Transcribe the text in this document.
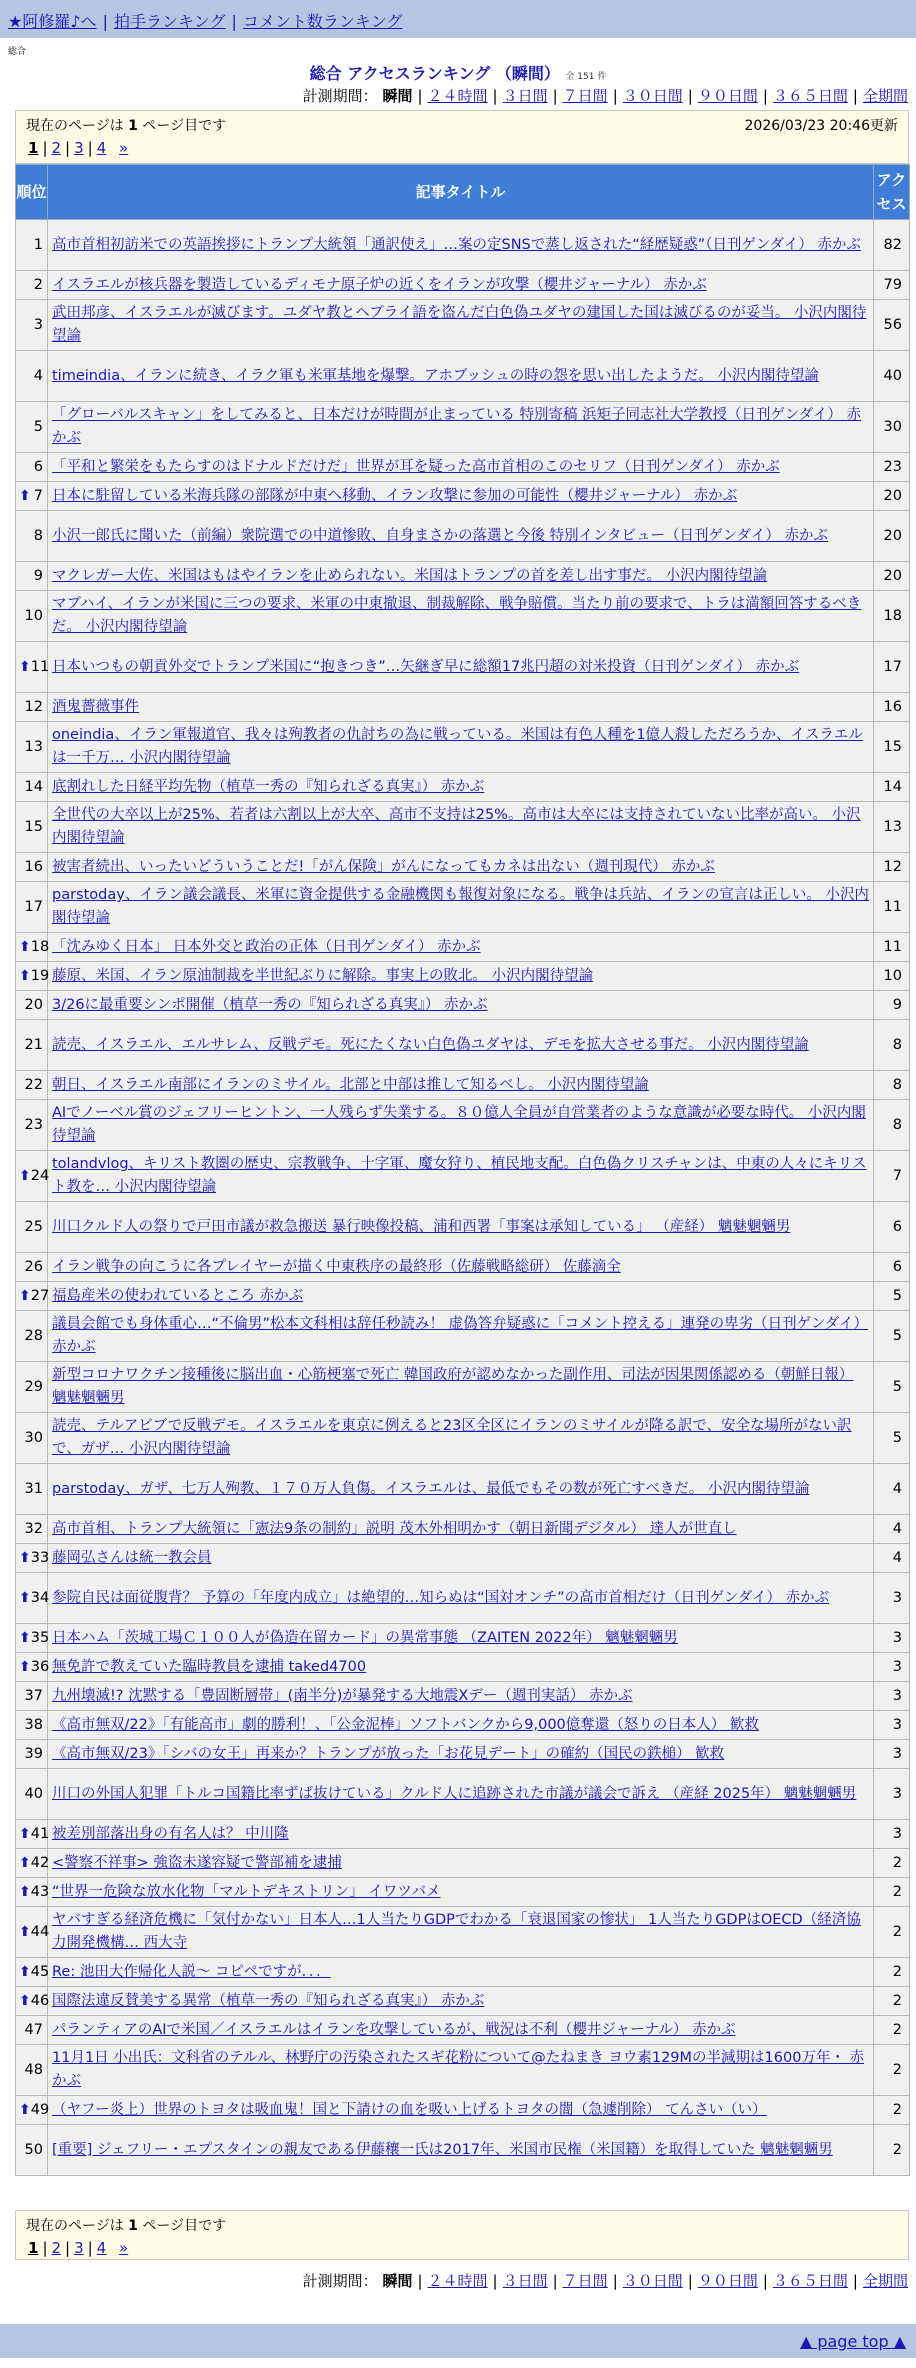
★阿修羅♪へ | 拍手ランキング | コメント数ランキング
総合
総合 アクセスランキング （瞬間） 全 151 件
計測期間： 瞬間 | ２４時間 | ３日間 | ７日間 | ３０日間 | ９０日間 | ３６５日間 | 全期間
現在のページは 1 ページ目です	2026/03/23 20:46更新
1 | 2 | 3 | 4 »
順位	記事タイトル	アクセス
1	高市首相初訪米での英語挨拶にトランプ大統領「通訳使え」…案の定SNSで蒸し返された“経歴疑惑”（日刊ゲンダイ） 赤かぶ	82
2	イスラエルが核兵器を製造しているディモナ原子炉の近くをイランが攻撃（櫻井ジャーナル） 赤かぶ	79
3	武田邦彦、イスラエルが滅びます。ユダヤ教とヘブライ語を盗んだ白色偽ユダヤの建国した国は滅びるのが妥当。 小沢内閣待望論	56
4	timeindia、イランに続き、イラク軍も米軍基地を爆撃。アホブッシュの時の怨を思い出したようだ。 小沢内閣待望論	40
5	「グローバルスキャン」をしてみると、日本だけが時間が止まっている 特別寄稿 浜矩子同志社大学教授（日刊ゲンダイ） 赤かぶ	30
6	「平和と繁栄をもたらすのはドナルドだけだ」世界が耳を疑った高市首相のこのセリフ（日刊ゲンダイ） 赤かぶ	23

⬆ 7	日本に駐留している米海兵隊の部隊が中東へ移動、イラン攻撃に参加の可能性（櫻井ジャーナル） 赤かぶ	20
8	小沢一郎氏に聞いた（前編）衆院選での中道惨敗、自身まさかの落選と今後 特別インタビュー（日刊ゲンダイ） 赤かぶ	20
9	マクレガー大佐、米国はもはやイランを止められない。米国はトランプの首を差し出す事だ。 小沢内閣待望論	20
10	マブハイ、イランが米国に三つの要求、米軍の中東撤退、制裁解除、戦争賠償。当たり前の要求で、トラは満額回答するべきだ。 小沢内閣待望論	18

⬆ 11	日本いつもの朝貢外交でトランプ米国に“抱きつき”…矢継ぎ早に総額17兆円超の対米投資（日刊ゲンダイ） 赤かぶ	17
12	酒鬼薔薇事件	16
13	oneindia、イラン軍報道官、我々は殉教者の仇討ちの為に戦っている。米国は有色人種を1億人殺しただろうか、イスラエルは一千万… 小沢内閣待望論	15
14	底割れした日経平均先物（植草一秀の『知られざる真実』） 赤かぶ	14
15	全世代の大卒以上が25%、若者は六割以上が大卒、高市不支持は25%。高市は大卒には支持されていない比率が高い。 小沢内閣待望論	13
16	被害者続出、いったいどういうことだ!「がん保険」がんになってもカネは出ない（週刊現代） 赤かぶ	12
17	parstoday、イラン議会議長、米軍に資金提供する金融機関も報復対象になる。戦争は兵站、イランの宣言は正しい。 小沢内閣待望論	11

⬆ 18	「沈みゆく日本」 日本外交と政治の正体（日刊ゲンダイ） 赤かぶ	11

⬆ 19	藤原、米国、イラン原油制裁を半世紀ぶりに解除。事実上の敗北。 小沢内閣待望論	10
20	3/26に最重要シンポ開催（植草一秀の『知られざる真実』） 赤かぶ	9
21	読売、イスラエル、エルサレム、反戦デモ。死にたくない白色偽ユダヤは、デモを拡大させる事だ。 小沢内閣待望論	8
22	朝日、イスラエル南部にイランのミサイル。北部と中部は推して知るべし。 小沢内閣待望論	8
23	AIでノーベル賞のジェフリーヒントン、一人残らず失業する。８０億人全員が自営業者のような意識が必要な時代。 小沢内閣待望論	8

⬆ 24	tolandvlog、キリスト教圏の歴史、宗教戦争、十字軍、魔女狩り、植民地支配。白色偽クリスチャンは、中東の人々にキリスト教を… 小沢内閣待望論	7
25	川口クルド人の祭りで戸田市議が救急搬送 暴行映像投稿、浦和西署「事案は承知している」 （産経） 魑魅魍魎男	6
26	イラン戦争の向こうに各プレイヤーが描く中東秩序の最終形（佐藤戦略総研） 佐藤滴全	6

⬆ 27	福島産米の使われているところ 赤かぶ	5
28	議員会館でも身体重心…“不倫男”松本文科相は辞任秒読み！ 虚偽答弁疑惑に「コメント控える」連発の卑劣（日刊ゲンダイ） 赤かぶ	5
29	新型コロナワクチン接種後に脳出血・心筋梗塞で死亡 韓国政府が認めなかった副作用、司法が因果関係認める（朝鮮日報） 魑魅魍魎男	5
30	読売、テルアビブで反戦デモ。イスラエルを東京に例えると23区全区にイランのミサイルが降る訳で、安全な場所がない訳で、ガザ… 小沢内閣待望論	5
31	parstoday、ガザ、七万人殉教、１７０万人負傷。イスラエルは、最低でもその数が死亡すべきだ。 小沢内閣待望論	4
32	高市首相、トランプ大統領に「憲法9条の制約」説明 茂木外相明かす（朝日新聞デジタル） 達人が世直し	4

⬆ 33	藤岡弘さんは統一教会員	4

⬆ 34	参院自民は面従腹背？ 予算の「年度内成立」は絶望的…知らぬは“国対オンチ”の高市首相だけ（日刊ゲンダイ） 赤かぶ	3

⬆ 35	日本ハム「茨城工場Ｃ１００人が偽造在留カード」の異常事態 （ZAITEN 2022年） 魑魅魍魎男	3

⬆ 36	無免許で教えていた臨時教員を逮捕 taked4700	3
37	九州壊滅!? 沈黙する「豊固断層帯」(南半分)が暴発する大地震Xデー（週刊実話） 赤かぶ	3
38	《高市無双/22》「有能高市」劇的勝利！、「公金泥棒」ソフトバンクから9,000億奪還（怒りの日本人） 歓救	3
39	《高市無双/23》「シバの女王」再来か？トランプが放った「お花見デート」の確約（国民の鉄槌） 歓救	3
40	川口の外国人犯罪「トルコ国籍比率ずば抜けている」クルド人に追跡された市議が議会で訴え （産経 2025年） 魑魅魍魎男	3

⬆ 41	被差別部落出身の有名人は？ 中川隆	3

⬆ 42	<警察不祥事> 強盗未遂容疑で警部補を逮捕	2

⬆ 43	“世界一危険な放水化物「マルトデキストリン」 イワツバメ	2

⬆ 44	ヤバすぎる経済危機に「気付かない」日本人…1人当たりGDPでわかる「衰退国家の惨状」 1人当たりGDPはOECD（経済協力開発機構… 西大寺	2

⬆ 45	Re: 池田大作帰化人説～ コピペですが．．．	2

⬆ 46	国際法違反賛美する異常（植草一秀の『知られざる真実』） 赤かぶ	2
47	パランティアのAIで米国／イスラエルはイランを攻撃しているが、戦況は不利（櫻井ジャーナル） 赤かぶ	2
48	11月1日 小出氏：文科省のテルル、林野庁の汚染されたスギ花粉について@たねまき ヨウ素129Mの半減期は1600万年・ 赤かぶ	2

⬆ 49	（ヤフー炎上）世界のトヨタは吸血鬼！国と下請けの血を吸い上げるトヨタの闇（急遽削除） てんさい（い）	2
50	[重要] ジェフリー・エプスタインの親友である伊藤穰一氏は2017年、米国市民権（米国籍）を取得していた 魑魅魍魎男	2
現在のページは 1 ページ目です
1 | 2 | 3 | 4 »
計測期間： 瞬間 | ２４時間 | ３日間 | ７日間 | ３０日間 | ９０日間 | ３６５日間 | 全期間
▲ page top ▲
